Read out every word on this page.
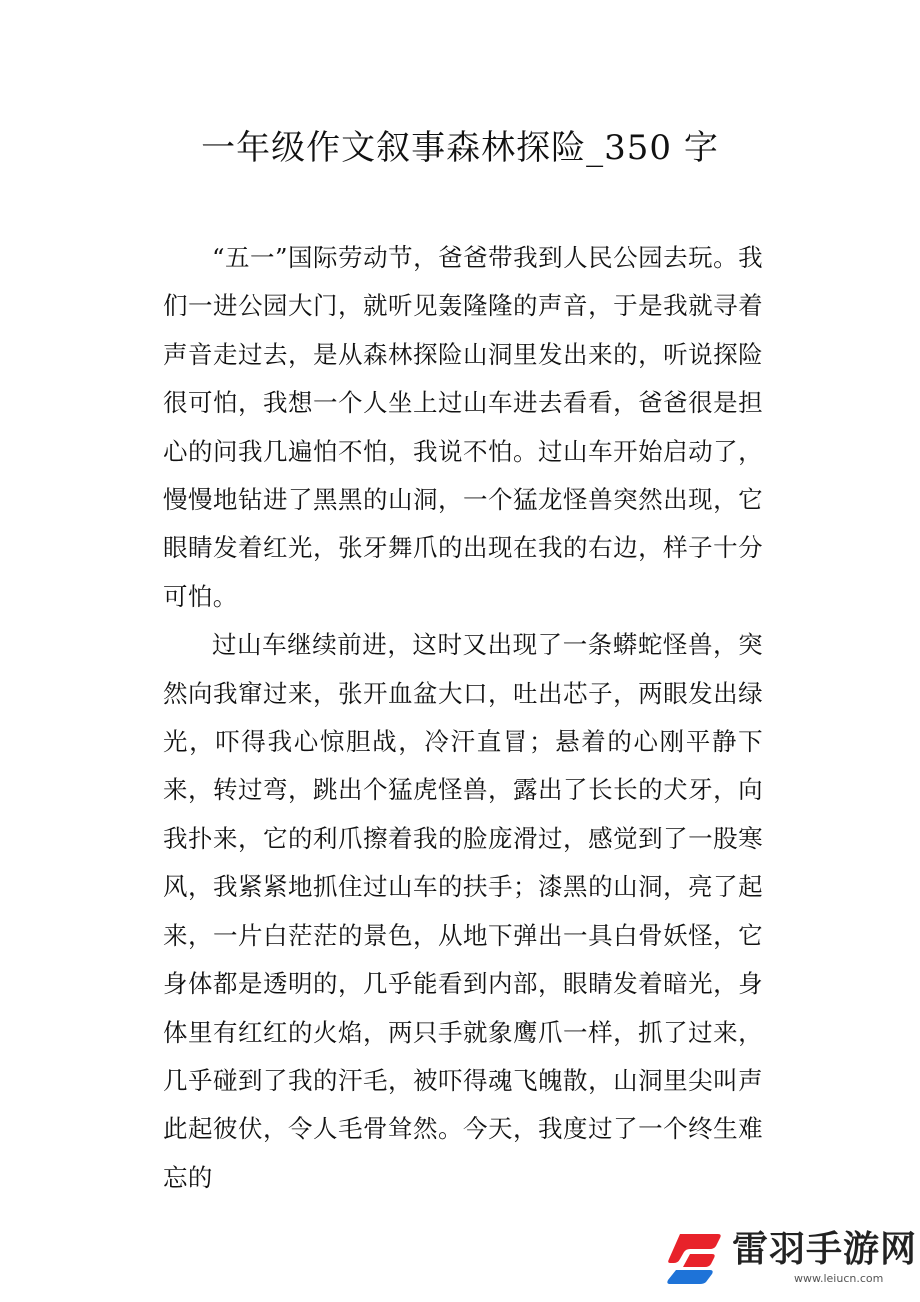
一年级作文叙事森林探险_350 字

“五一”国际劳动节，爸爸带我到人民公园去玩。我们一进公园大门，就听见轰隆隆的声音，于是我就寻着声音走过去，是从森林探险山洞里发出来的，听说探险很可怕，我想一个人坐上过山车进去看看，爸爸很是担心的问我几遍怕不怕，我说不怕。过山车开始启动了，慢慢地钻进了黑黑的山洞，一个猛龙怪兽突然出现，它眼睛发着红光，张牙舞爪的出现在我的右边，样子十分可怕。

过山车继续前进，这时又出现了一条蟒蛇怪兽，突然向我窜过来，张开血盆大口，吐出芯子，两眼发出绿光，吓得我心惊胆战，冷汗直冒；悬着的心刚平静下来，转过弯，跳出个猛虎怪兽，露出了长长的犬牙，向我扑来，它的利爪擦着我的脸庞滑过，感觉到了一股寒风，我紧紧地抓住过山车的扶手；漆黑的山洞，亮了起来，一片白茫茫的景色，从地下弹出一具白骨妖怪，它身体都是透明的，几乎能看到内部，眼睛发着暗光，身体里有红红的火焰，两只手就象鹰爪一样，抓了过来，几乎碰到了我的汗毛，被吓得魂飞魄散，山洞里尖叫声此起彼伏，令人毛骨耸然。今天，我度过了一个终生难忘的

雷羽手游网
www.leiucn.com
